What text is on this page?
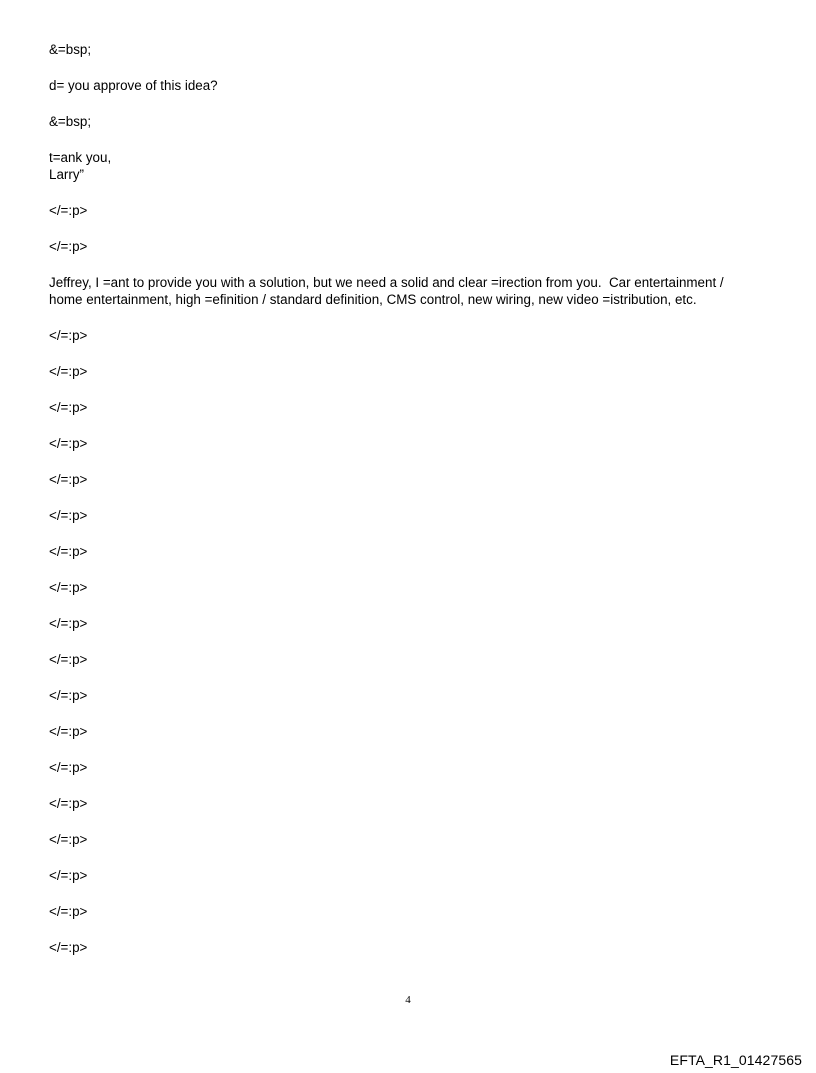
&=bsp;

d= you approve of this idea?

&=bsp;

t=ank you,

Larry”

</=:p>

</=:p>

Jeffrey, I =ant to provide you with a solution, but we need a solid and clear =irection from you.  Car entertainment /

home entertainment, high =efinition / standard definition, CMS control, new wiring, new video =istribution, etc.

</=:p>

</=:p>

</=:p>

</=:p>

</=:p>

</=:p>

</=:p>

</=:p>

</=:p>

</=:p>

</=:p>

</=:p>

</=:p>

</=:p>

</=:p>

</=:p>

</=:p>

</=:p>

4
EFTA_R1_01427565
